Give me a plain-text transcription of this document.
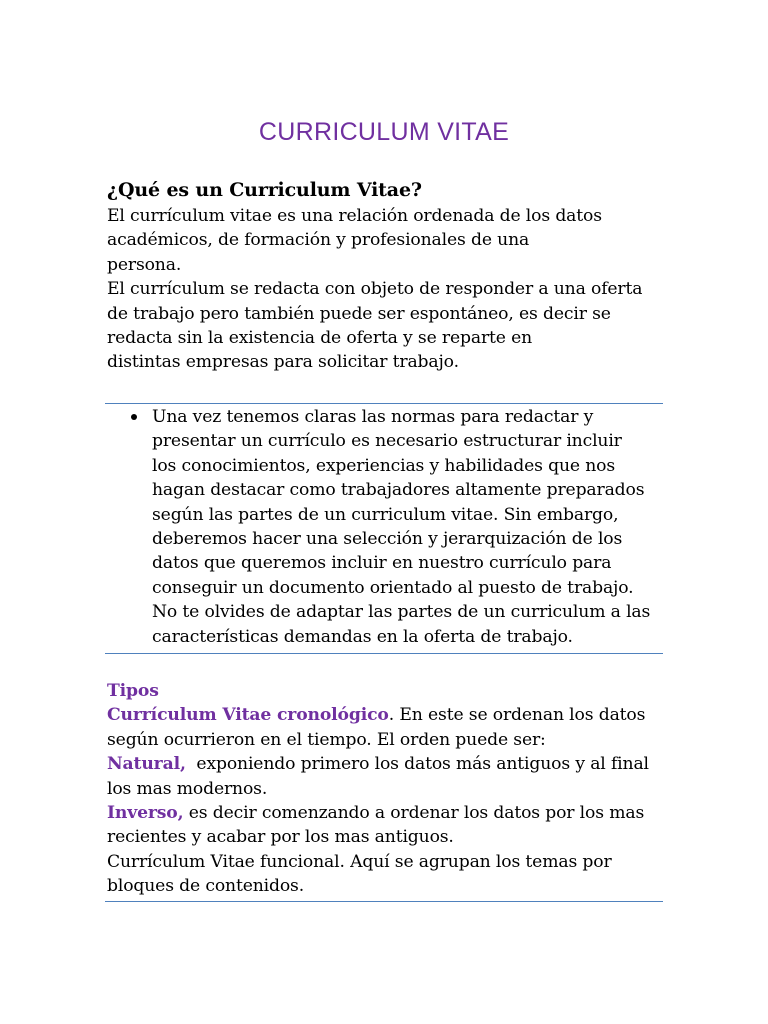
CURRICULUM VITAE
¿Qué es un Curriculum Vitae?
El currículum vitae es una relación ordenada de los datos
académicos, de formación y profesionales de una
persona.
El currículum se redacta con objeto de responder a una oferta
de trabajo pero también puede ser espontáneo, es decir se
redacta sin la existencia de oferta y se reparte en
distintas empresas para solicitar trabajo.
Una vez tenemos claras las normas para redactar y
presentar un currículo es necesario estructurar incluir
los conocimientos, experiencias y habilidades que nos
hagan destacar como trabajadores altamente preparados
según las partes de un curriculum vitae. Sin embargo,
deberemos hacer una selección y jerarquización de los
datos que queremos incluir en nuestro currículo para
conseguir un documento orientado al puesto de trabajo.
No te olvides de adaptar las partes de un curriculum a las
características demandas en la oferta de trabajo.
Tipos
Currículum Vitae cronológico. En este se ordenan los datos
según ocurrieron en el tiempo. El orden puede ser:
Natural,  exponiendo primero los datos más antiguos y al final
los mas modernos.
Inverso, es decir comenzando a ordenar los datos por los mas
recientes y acabar por los mas antiguos.
Currículum Vitae funcional. Aquí se agrupan los temas por
bloques de contenidos.
